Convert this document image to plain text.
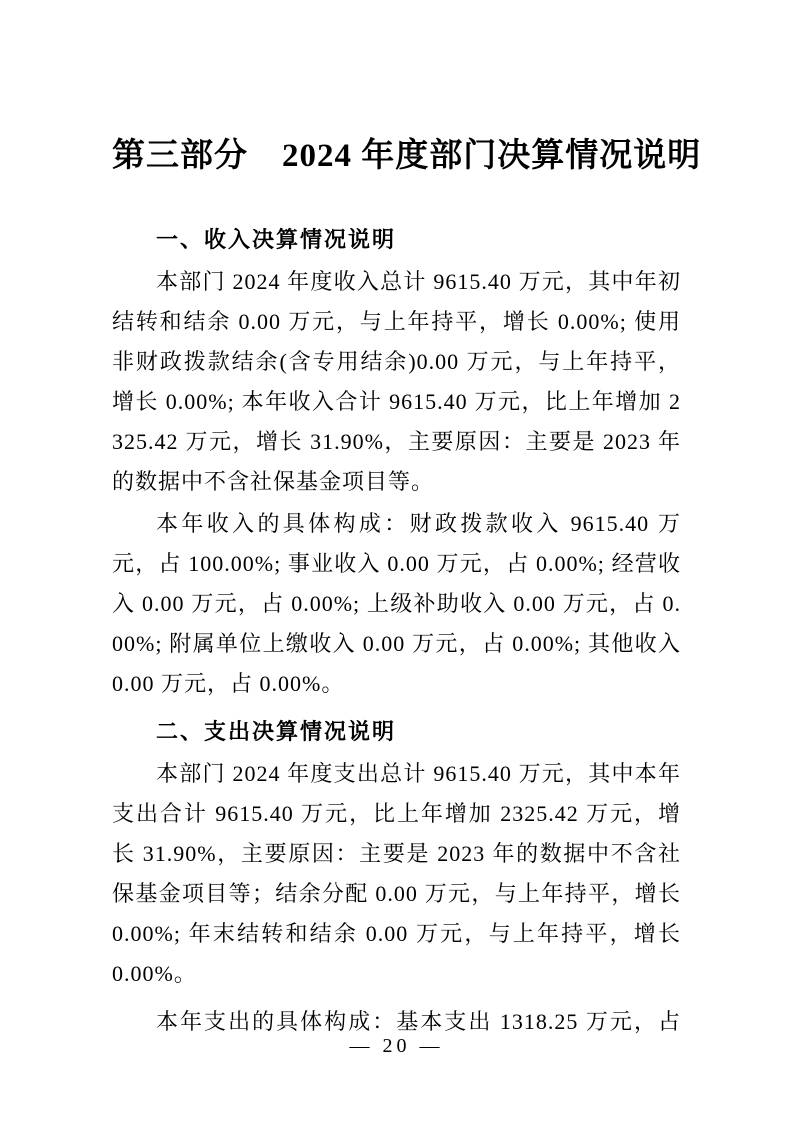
第三部分　2024 年度部门决算情况说明
一、收入决算情况说明

本部门 2024 年度收入总计 9615.40 万元，其中年初结转和结余 0.00 万元，与上年持平，增长 0.00%; 使用非财政拨款结余(含专用结余)0.00 万元，与上年持平，增长 0.00%; 本年收入合计 9615.40 万元，比上年增加 2325.42 万元，增长 31.90%，主要原因：主要是 2023 年的数据中不含社保基金项目等。

本年收入的具体构成：财政拨款收入 9615.40 万元，占 100.00%; 事业收入 0.00 万元，占 0.00%; 经营收入 0.00 万元，占 0.00%; 上级补助收入 0.00 万元，占 0.00%; 附属单位上缴收入 0.00 万元，占 0.00%; 其他收入 0.00 万元，占 0.00%。

二、支出决算情况说明

本部门 2024 年度支出总计 9615.40 万元，其中本年支出合计 9615.40 万元，比上年增加 2325.42 万元，增长 31.90%，主要原因：主要是 2023 年的数据中不含社保基金项目等；结余分配 0.00 万元，与上年持平，增长 0.00%; 年末结转和结余 0.00 万元，与上年持平，增长 0.00%。

本年支出的具体构成：基本支出 1318.25 万元，占

— 20 —
